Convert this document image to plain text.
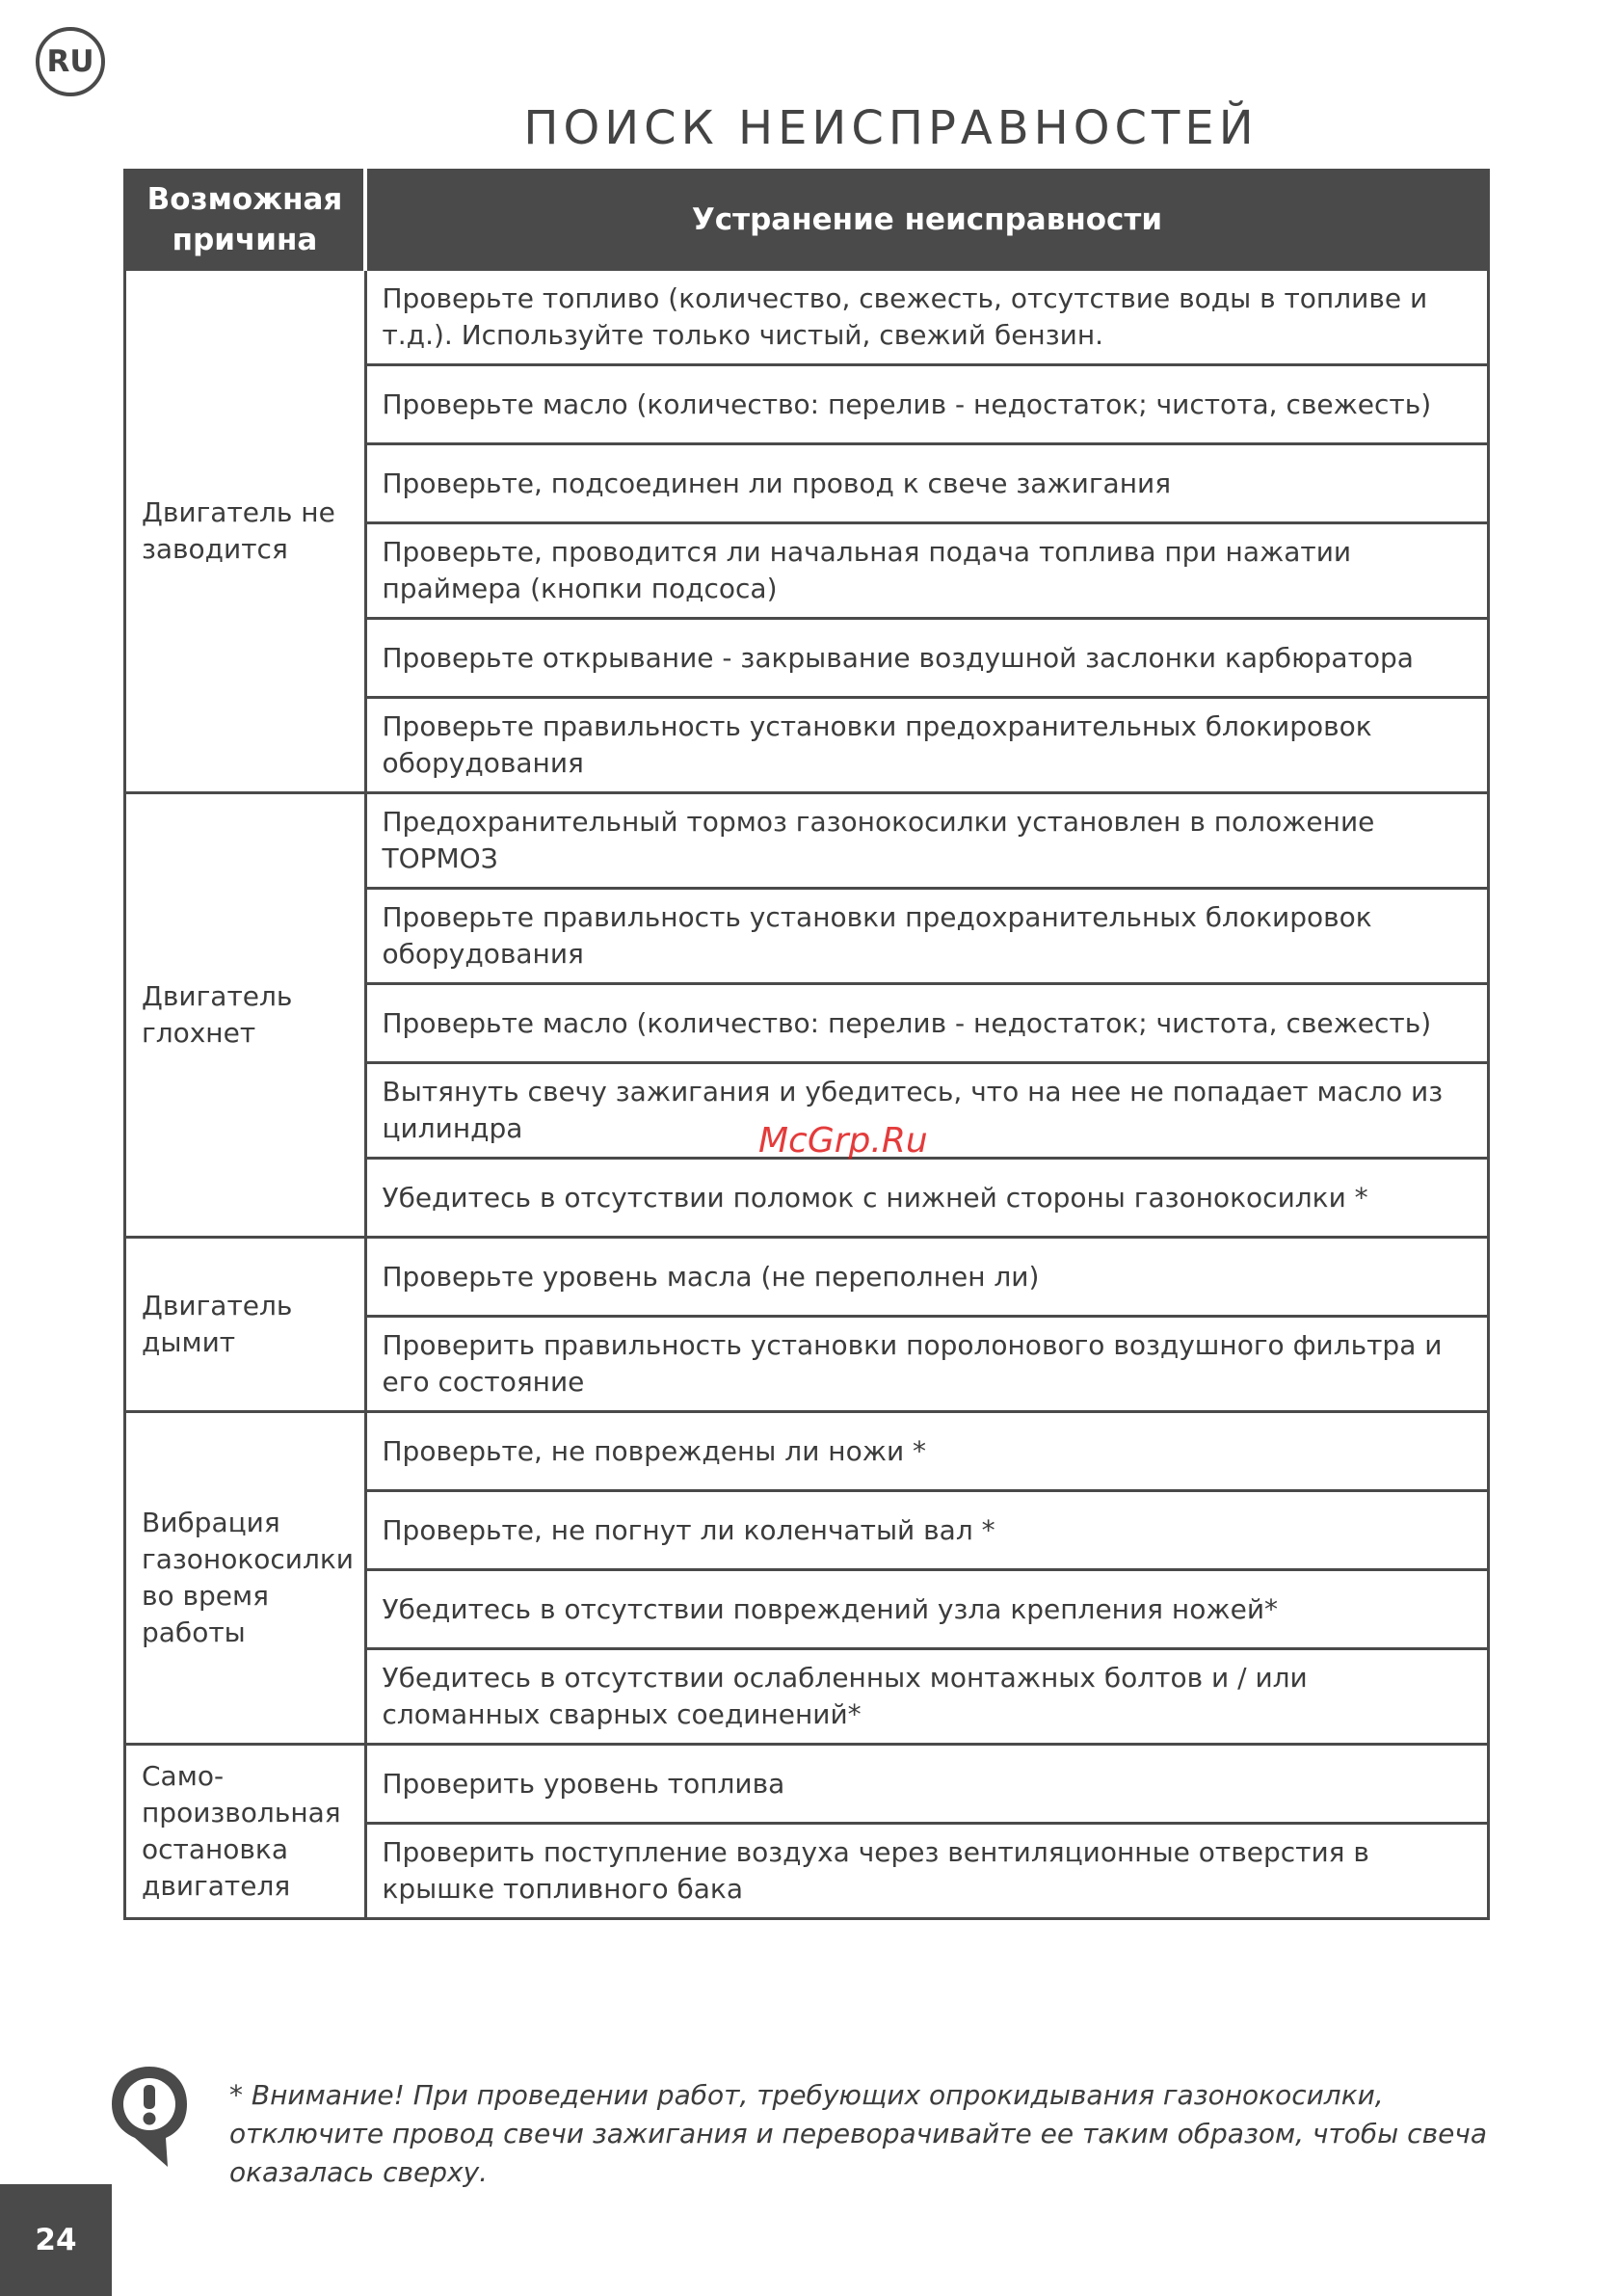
RU
ПОИСК НЕИСПРАВНОСТЕЙ
Возможная причина	Устранение неисправности
Двигатель не заводится	Проверьте топливо (количество, свежесть, отсутствие воды в топливе и т.д.). Используйте только чистый, свежий бензин.
	Проверьте масло (количество: перелив - недостаток; чистота, свежесть)
	Проверьте, подсоединен ли провод к свече зажигания
	Проверьте, проводится ли начальная подача топлива при нажатии праймера (кнопки подсоса)
	Проверьте открывание - закрывание воздушной заслонки карбюратора
	Проверьте правильность установки предохранительных блокировок оборудования
Двигатель глохнет	Предохранительный тормоз газонокосилки установлен в положение ТОРМОЗ
	Проверьте правильность установки предохранительных блокировок оборудования
	Проверьте масло (количество: перелив - недостаток; чистота, свежесть)
	Вытянуть свечу зажигания и убедитесь, что на нее не попадает масло из цилиндра
	Убедитесь в отсутствии поломок с нижней стороны газонокосилки *
Двигатель дымит	Проверьте уровень масла (не переполнен ли)
	Проверить правильность установки поролонового воздушного фильтра и его состояние
Вибрация газонокосилки во время работы	Проверьте, не повреждены ли ножи *
	Проверьте, не погнут ли коленчатый вал *
	Убедитесь в отсутствии повреждений узла крепления ножей*
	Убедитесь в отсутствии ослабленных монтажных болтов и / или сломанных сварных соединений*
Само-произвольная остановка двигателя	Проверить уровень топлива
	Проверить поступление воздуха через вентиляционные отверстия в крышке топливного бака
McGrp.Ru
* Внимание! При проведении работ, требующих опрокидывания газонокосилки, отключите провод свечи зажигания и переворачивайте ее таким образом, чтобы свеча оказалась сверху.
24
